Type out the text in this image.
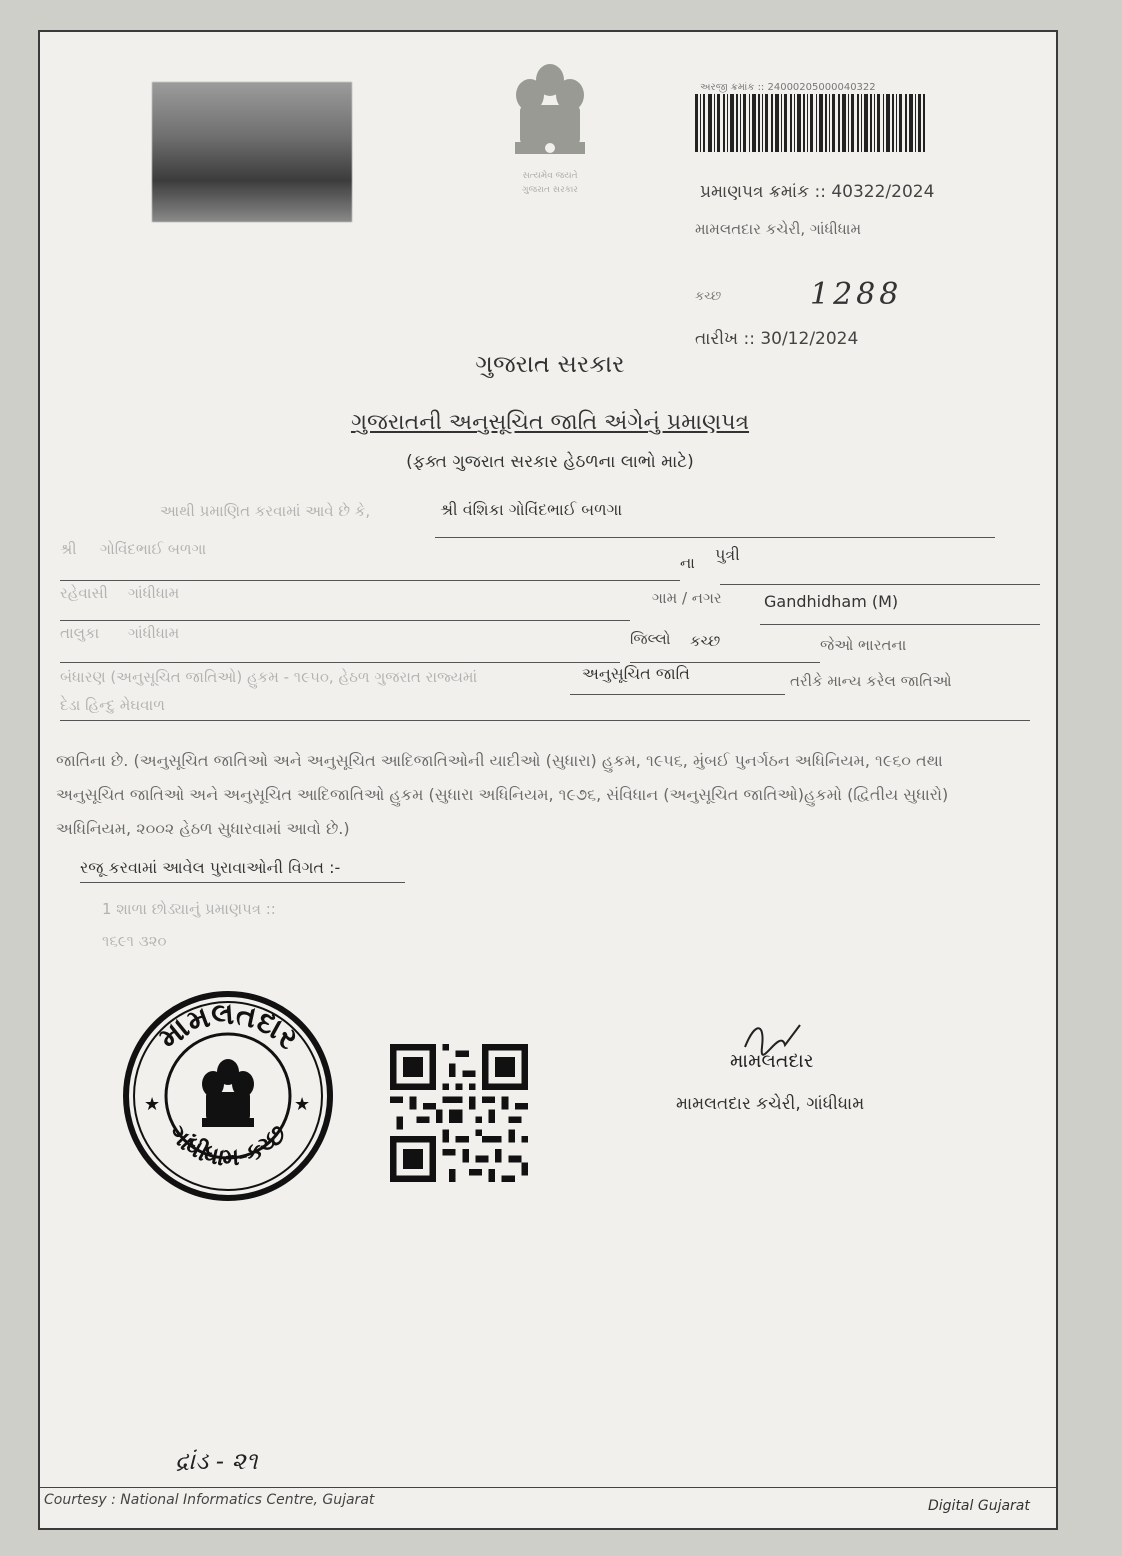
સત્યમેવ જયતે
ગુજરાત સરકાર
અરજી ક્રમાંક :: 24000205000040322
પ્રમાણપત્ર ક્રમાંક :: 40322/2024
મામલતદાર કચેરી, ગાંધીધામ
કચ્છ	1288
તારીખ :: 30/12/2024
ગુજરાત સરકાર
ગુજરાતની અનુસૂચિત જાતિ અંગેનું પ્રમાણપત્ર
(ફક્ત ગુજરાત સરકાર હેઠળના લાભો માટે)
આથી પ્રમાણિત કરવામાં આવે છે કે,	શ્રી વંશિકા ગોવિંદભાઈ બળગા
શ્રી ગોવિંદભાઈ બળગા
ના પુત્રી
રહેવાસી ગાંધીધામ	ગામ / નગર	Gandhidham (M)
તાલુકા ગાંધીધામ	જિલ્લો કચ્છ	જેઓ ભારતના
બંધારણ (અનુસૂચિત જાતિઓ) હુકમ - ૧૯૫૦, હેઠળ ગુજરાત રાજ્યમાં	અનુસૂચિત જાતિ	તરીકે માન્ય કરેલ જાતિઓ
દેડા હિન્દુ મેઘવાળ
જાતિના છે. (અનુસૂચિત જાતિઓ અને અનુસૂચિત આદિજાતિઓની યાદીઓ (સુધારા) હુકમ, ૧૯૫૬, મુંબઈ પુનર્ગઠન અધિનિયમ, ૧૯૬૦ તથા
અનુસૂચિત જાતિઓ અને અનુસૂચિત આદિજાતિઓ હુકમ (સુધારા અધિનિયમ, ૧૯૭૬, સંવિધાન (અનુસૂચિત જાતિઓ)હુકમો (દ્વિતીય સુધારો)
અધિનિયમ, ૨૦૦૨ હેઠળ સુધારવામાં આવો છે.)
રજૂ કરવામાં આવેલ પુરાવાઓની વિગત :-
1 શાળા છોડ્યાનું પ્રમાણપત્ર ::
૧૬૯૧ ૩૨૦
મામલતદાર
ગાંધીધામ-કચ્છ
★	★
મામલતદાર
મામલતદાર કચેરી, ગાંધીધામ
દ્રાંડ - ૨૧
Courtesy : National Informatics Centre, Gujarat	Digital Gujarat
